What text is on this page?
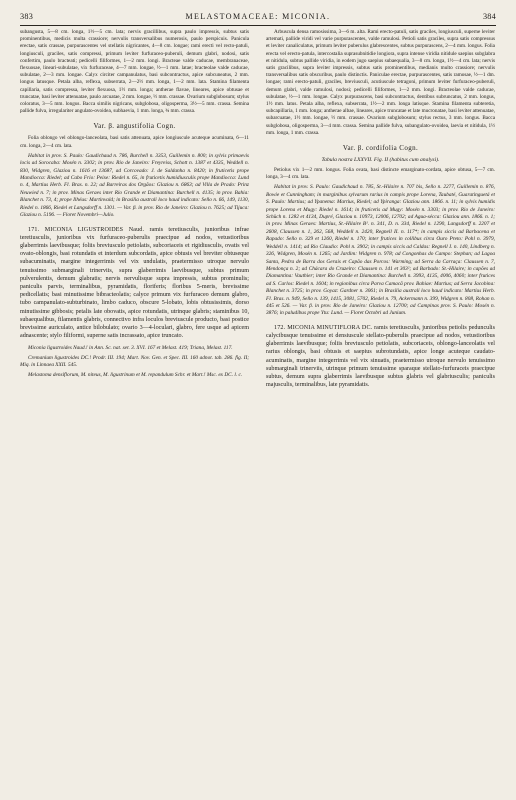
383	MELASTOMACEAE: MICONIA.	384

subangusta, 5—8 cm. longa, 1½—5 cm. lata; nervis gracillibus, supra paulo impressis, subtus satis prominentibus, medicis multa crassiore; nervulis transversalibus numerosis, paulo perspicuis. Panicula erectae, satis crassae, purpurascentes vel stellatis nigricantes, 4—8 cm. longae; rami erecti vel recto-patuli, longiusculi, graciles, satis compressi, primum leviter furfuraceo-puberuli, demum glabri, nodosi, satis confertim, paulo bracteati; pedicelli filiformes, 1—2 mm. longi. Bracteae valde caducae, membranaceae, flexuosae, lineari-subulatae, vix furfuraceae, 4—7 mm. longae, ½—1 mm. latae; bracteolae valde caducae, subulatae, 2—3 mm. longae. Calyx circiter campanulatus, basi subcontractus, apice subcuneatus, 2 mm. longus latusque. Petala alba, reflexa, subserrata, 2—2½ mm. longa, 1—2 mm. lata. Stamina filamenta capillaria, satis compressa, leviter flexuosa, 1½ mm. longa; antherae flavae, lineares, apice obtusae et truncatae, basi leviter attenuatae, paulo arcuatae, 2 mm. longae, ½ mm. crassae. Ovarium subglobosum; stylus coloratus, 3—5 mm. longus. Bacca similis nigricans, subglobosa, oligosperma, 3½—5 mm. crassa. Semina pallide fulva, irregulariter angulato-ovoidea, subhaevia, 1 mm. longa, ¾ mm. crassa.

Var. β. angustifolia Cogn.

Folia oblongo vel oblongo-lanceolata, basi satis attenuata, apice longiuscule acuteque acuminata, 6—11 cm. longa, 2—4 cm. lata.

Habitat in prov. S. Paulo: Gaudichaud n. 786, Burchell n. 3353, Guillemin n. 800; in sylvis primaevis locis ad Sorocaba: Mosén n. 3302; in prov. Rio de Janeiro: Freyreiss, Schott n. 1387 et 4335, Weddell n. 830, Widgren, Glaziou n. 1616 et 13687, ad Corcovado: J. de Saldanha n. 8420; in fruticetis prope Mandiocca: Riedel; ad Cabo Frio: Peixe: Riedel n. 65, in fruticetis humidiusculis prope Mandiocca: Lund n. 4, Martius Herb. Fl. Bras. n. 22; ad Barreiras dos Orgãos: Glaziou n. 6863; ad Villa de Prado: Prinz Neuwied n. 7; in prov. Minas Geraes inter Rio Grande et Diamantina: Burchell n. 4135; in prov. Bahia: Blanchet n. 73, 4; prope Ilhéus: Martinvald; in Brasilia australi loco haud indicato: Sello n. 66, 149, 1130, Riedel n. 1866, Riedel et Langsdorff n. 1301. — Var. β. in prov. Rio de Janeiro: Glaziou n. 7625; ad Tijuca: Glaziou n. 5196. — Floret Novembri—Julio.

171. MICONIA LIGUSTROIDES Naud. ramis teretiusculis, junioribus infrae teretiusculis, junioribus vix furfuraceo-puberulis praecipue ad nodos, vetustioribus glaberrimis laevibusque; foliis breviusculo petiolatis, subcoriaceis et rigidiusculis, ovatis vel ovato-oblongis, basi rotundatis et interdum subcordatis, apice obtusis vel breviter obtuseque subacuminatis, margine integerrimis vel vix undulatis, praetermisso utroque nervulo tenuissimo submarginali trinerviis, supra glaberrimis laevibusque, subtus primum pulverulentis, demum glabratis; nervis nervulisque supra impressis, subtus prominulis; paniculis parvis, terminalibus, pyramidatis, floriferis; floribus 5-meris, brevissime pedicellatis; basi minutissime bibracteolatis; calyce primum vix furfuraceo demum glabro, tubo campanulato-subturbinato, limbo caduco, obscure 5-lobato, lobis obtusissimis, dorso minutissime gibbosis; petalis late obovatis, apice rotundatis, utrinque glabris; staminibus 10, subaequalibus, filamentis glabris, connectivo infra loculos breviuscule producto, basi postice brevissime auriculato, antice bilobulato; ovario 3—4-loculari, glabro, fere usque ad apicem adnascente; stylo filiformi, superne satis incrassato, apice truncato.

Miconia ligustroides Naud.! in Ann. Sc. nat. ser. 3. XVI. 167 et Melast. 419; Triana, Melast. 117.

Cremanium ligustroides DC.! Prodr. III. 194; Mart. Nov. Gen. et Spec. III. 160 adnot. tab. 286. fig. II; Miq. in Linnaea XXII. 545.

Melastoma densiflorum, M. niteus, M. ligustrinum et M. repandulum Schr. et Mart.! Msc. ex DC. l. c.

Arbuscula densa ramosissima, 3—6 m. alta. Rami erecto-patuli, satis graciles, longiusculi, superne leviter artemati, pallide viridi vel varie purpurascentes, valde ramulosi. Petioli satis graciles, supra satis compressus et leviter canaliculatus, primum leviter puberulus glabrescentes, subtus purpurascens, 2—4 mm. longus. Folia erecta vel erecto-patula, intercostalia suprasubnitidie longiora, supra intense viridia nitidule saepius subglabra et nitidula, subtus pallide viridia, in eodem jugo saepius subaequalia, 3—8 cm. longa, 1½—4 cm. lata; nervis satis gracilibus, supra leviter impressis, subtus satis prominentibus, medianis multo crassiore; nervulis transversalibus satis obscuribus, paulo distinctis. Paniculae erectae, purpurascentes, satis ramosae, ½—1 dm. longae; rami erecto-patuli, graciles, breviusculi, acutiuscule tetragoni, primum leviter furfuraceo-puberuli, demum glabri, valde ramulosi, nodosi; pedicelli filiformes, 1—2 mm. longi. Bracteolae valde caducae, subulatae, ½—1 mm. longae. Calyx purpurascens, basi subcontractus, dentibus subruncatus, 2 mm. longus, 1½ mm. latus. Petala alba, reflexa, subserrata, 1½—2 mm. longa latisque. Stamina filamenta subteretia, subcapillaria, 1 mm. longa; antherae albae, lineares, apice truncatae et late mucronatae, basi leviter attenuatae, subarcuatae, 1½ mm. longae, ½ mm. crassae. Ovarium subglobosum; stylus rectus, 3 mm. longus. Bacca subglobosa, oligosperma, 3—4 mm. crassa. Semina pallide fulva, subangulato-ovoidea, laevia et nitidula, 1½ mm. longa, 1 mm. crassa.

Var. β. cordifolia Cogn.
Tabula nostra LXXVII. Fig. II (habitus cum analysi).

Petiolus vix 1—2 mm. longus. Folia ovata, basi distincte emarginato-cordata, apice obtusa, 5—7 cm. longa, 3—4 cm. lata.

Habitat in prov. S. Paulo: Gaudichaud n. 785, St.-Hilaire n. 707 bis, Sello n. 2277, Guillemin n. 876, Bowie et Cunningham; in marginibus sylvarum rarius in campis prope Lorena, Taubaté, Guaratinguetá et S. Paulo: Martius; ad Ypanema: Martius, Riedel; ad Ypiranga: Glaziou ann. 1866. n. 11; in sylvis humidis prope Lorena et Mugy: Riedel n. 1614; in fruticetis ad Mugy: Mosén n. 3303; in prov. Rio de Janeiro: Schüch n. 1282 et 4134, Dupré, Glaziou n. 10973, 12006, 12702; ad Agua-sécca: Glaziou ann. 1866. n. 1; in prov. Minas Geraes: Martius, St.-Hilaire B¹. n. 341, D. n. 334, Riedel n. 1290, Langsdorff n. 2207 et 2608, Claussen n. 1, 262, 568, Weddell n. 2420, Regnell II. n. 117*; in campis siccis ad Barbacena et Rapado: Sello n. 329 et 1260, Riedel n. 170; inter frutices in collibus circa Ouro Preto: Pohl n. 3979, Weddell n. 1414; ad Rio Claudio: Pohl n. 3902; in campis siccis ad Caldas: Regnell I. n. 140, Lindberg n. 326, Widgren, Mosén n. 1265; ad Jardim: Widgren n. 978; ad Congonhas do Campo: Stephan; ad Lagoa Santa, Pedra de Barra dos Gerais et Capão das Porcos: Warming; ad Serra da Carraça: Claussen n. 7, Mendonça n. 2; ad Chácara do Cruzeiro: Claussen n. 141 et 303²; ad Barbado: St.-Hilaire; in capões ad Diamantina: Vauthier; inter Rio Grande et Diamantina: Burchell n. 3993, 4135, 4006, 4060; inter frutices ad S. Carlos: Riedel n. 1604; in regionibus circa Parva Camacã prov. Bahiae: Martius; ad Serra Jacobina: Blanchet n. 3725; in prov. Goyaz: Gardner n. 3061; in Brasilia australi loco haud indicato: Martius Herb. Fl. Bras. n. 949, Sello n. 139, 1415, 3081, 5702, Riedel n. 79, Ackermann n. 399, Widgren n. 808, Rohan n. 445 et 526. — Var. β. in prov. Rio de Janeiro: Glaziou n. 12700; ad Campinas prov. S. Paulo: Mosén n. 3876; in paludibus prope Ytu: Lund. — Floret Octobri ad Junium.

172. MICONIA MINUTIFLORA DC. ramis teretiusculis, junioribus petiolis pedunculis calycibusque tenuissime et densiuscule stellato-puberulis praecipue ad nodos, vetustioribus glaberrimis laevibusque; foliis breviusculo petiolatis, subcoriaceis, oblongo-lanceolatis vel rarius oblongis, basi obtusis et saepius subrotundatis, apice longe acuteque caudato-acuminatis, margine integerrimis vel vix sinuatis, praetermisso utroque nervulo tenuissimo submarginali trinerviis, utrinque primum tenuissime sparaque stellato-furfuraceis praecipue subtus, demum supra glaberrimis laevibusque subtus glabris vel glabriusculis; paniculis majusculis, terminalibus, late pyramidatis.
